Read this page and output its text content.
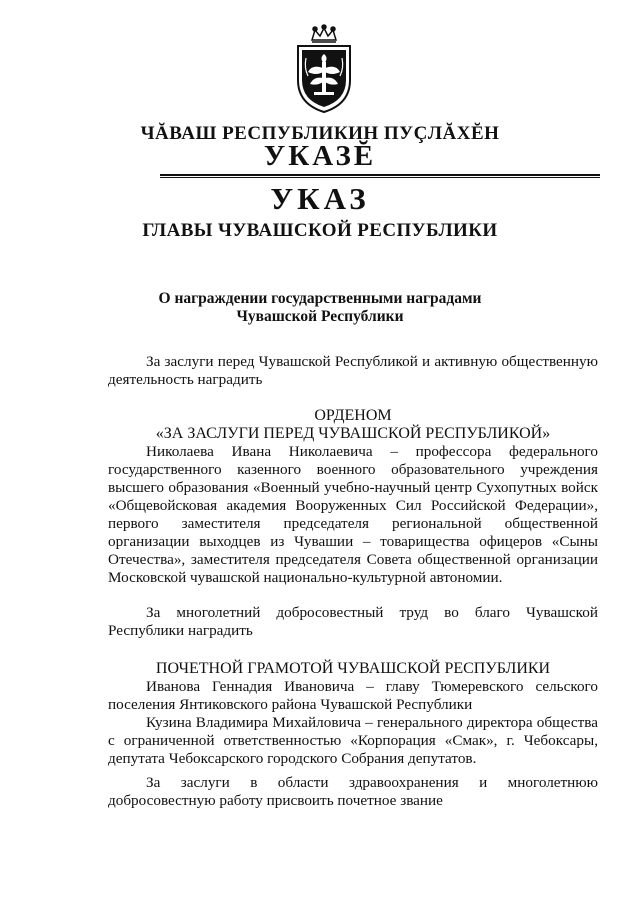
ЧĂВАШ РЕСПУБЛИКИН ПУÇЛĂХĔН
УКАЗĔ
УКАЗ
ГЛАВЫ ЧУВАШСКОЙ РЕСПУБЛИКИ
О награждении государственными наградами
Чувашской Республики

За заслуги перед Чувашской Республикой и активную общественную деятельность наградить

ОРДЕНОМ

«ЗА ЗАСЛУГИ ПЕРЕД ЧУВАШСКОЙ РЕСПУБЛИКОЙ»

Николаева Ивана Николаевича – профессора федерального государственного казенного военного образовательного учреждения высшего образования «Военный учебно-научный центр Сухопутных войск «Общевойсковая академия Вооруженных Сил Российской Федерации», первого заместителя председателя региональной общественной организации выходцев из Чувашии – товарищества офицеров «Сыны Отечества», заместителя председателя Совета общественной организации Московской чувашской национально-культурной автономии.

За многолетний добросовестный труд во благо Чувашской Республики наградить

ПОЧЕТНОЙ ГРАМОТОЙ ЧУВАШСКОЙ РЕСПУБЛИКИ

Иванова Геннадия Ивановича – главу Тюмеревского сельского поселения Янтиковского района Чувашской Республики

Кузина Владимира Михайловича – генерального директора общества с ограниченной ответственностью «Корпорация «Смак», г. Чебоксары, депутата Чебоксарского городского Собрания депутатов.

За заслуги в области здравоохранения и многолетнюю добросовестную работу присвоить почетное звание
